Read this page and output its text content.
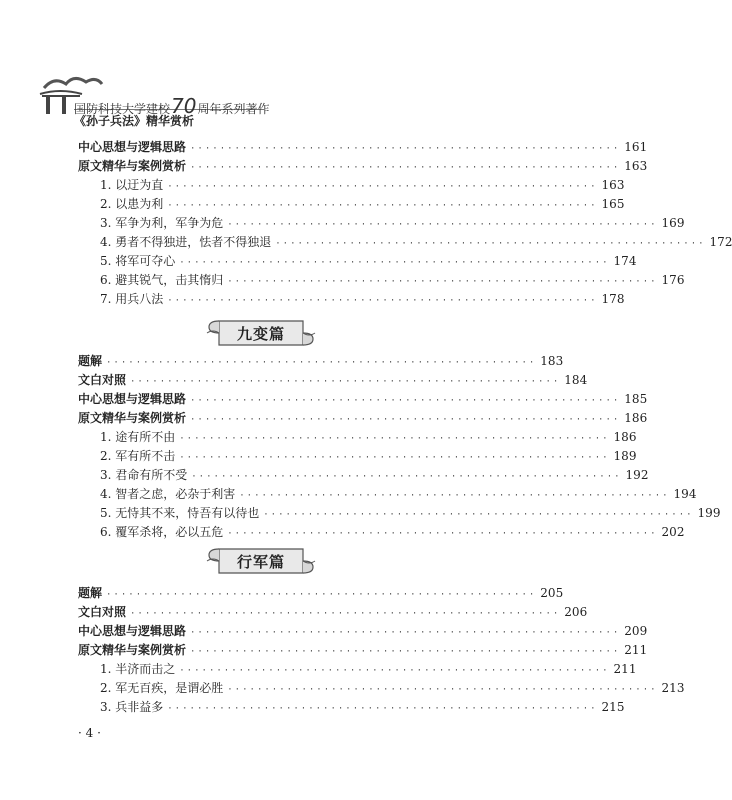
国防科技大学建校70周年系列著作
《孙子兵法》精华赏析
中心思想与逻辑思路 ·························································· 161
原文精华与案例赏析 ·························································· 163
1. 以迂为直 ·························································· 163
2. 以患为利 ·························································· 165
3. 军争为利，军争为危 ·························································· 169
4. 勇者不得独进，怯者不得独退 ·························································· 172
5. 将军可夺心 ·························································· 174
6. 避其锐气，击其惰归 ·························································· 176
7. 用兵八法 ·························································· 178
九变篇
题解 ·························································· 183
文白对照 ·························································· 184
中心思想与逻辑思路 ·························································· 185
原文精华与案例赏析 ·························································· 186
1. 途有所不由 ·························································· 186
2. 军有所不击 ·························································· 189
3. 君命有所不受 ·························································· 192
4. 智者之虑，必杂于利害 ·························································· 194
5. 无恃其不来，恃吾有以待也 ·························································· 199
6. 覆军杀将，必以五危 ·························································· 202
行军篇
题解 ·························································· 205
文白对照 ·························································· 206
中心思想与逻辑思路 ·························································· 209
原文精华与案例赏析 ·························································· 211
1. 半济而击之 ·························································· 211
2. 军无百疾，是谓必胜 ·························································· 213
3. 兵非益多 ·························································· 215
· 4 ·
